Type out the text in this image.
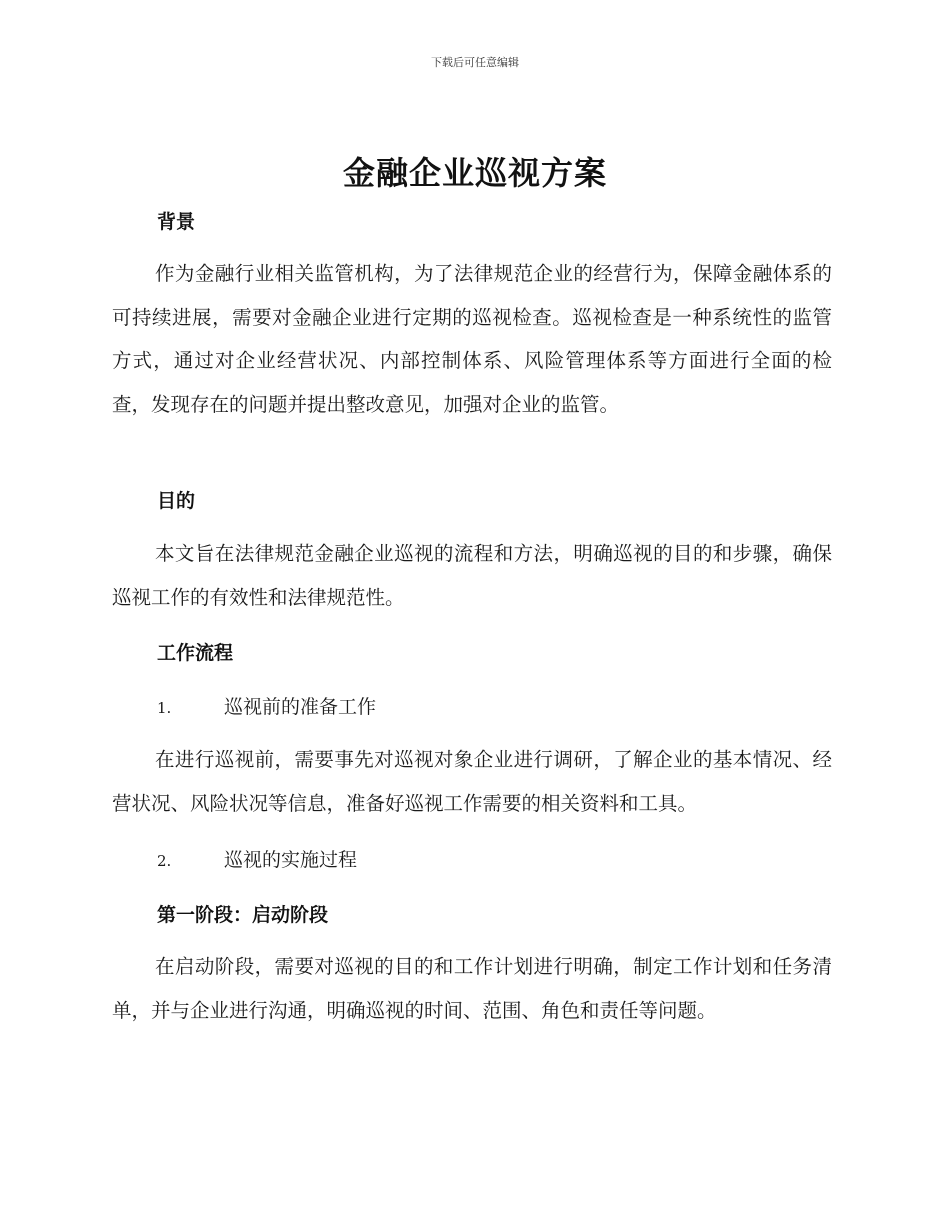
下载后可任意编辑
金融企业巡视方案
背景

作为金融行业相关监管机构，为了法律规范企业的经营行为，保障金融体系的可持续进展，需要对金融企业进行定期的巡视检查。巡视检查是一种系统性的监管方式，通过对企业经营状况、内部控制体系、风险管理体系等方面进行全面的检查，发现存在的问题并提出整改意见，加强对企业的监管。

目的

本文旨在法律规范金融企业巡视的流程和方法，明确巡视的目的和步骤，确保巡视工作的有效性和法律规范性。

工作流程
1.	巡视前的准备工作

在进行巡视前，需要事先对巡视对象企业进行调研，了解企业的基本情况、经营状况、风险状况等信息，准备好巡视工作需要的相关资料和工具。

2.	巡视的实施过程
第一阶段：启动阶段

在启动阶段，需要对巡视的目的和工作计划进行明确，制定工作计划和任务清单，并与企业进行沟通，明确巡视的时间、范围、角色和责任等问题。
